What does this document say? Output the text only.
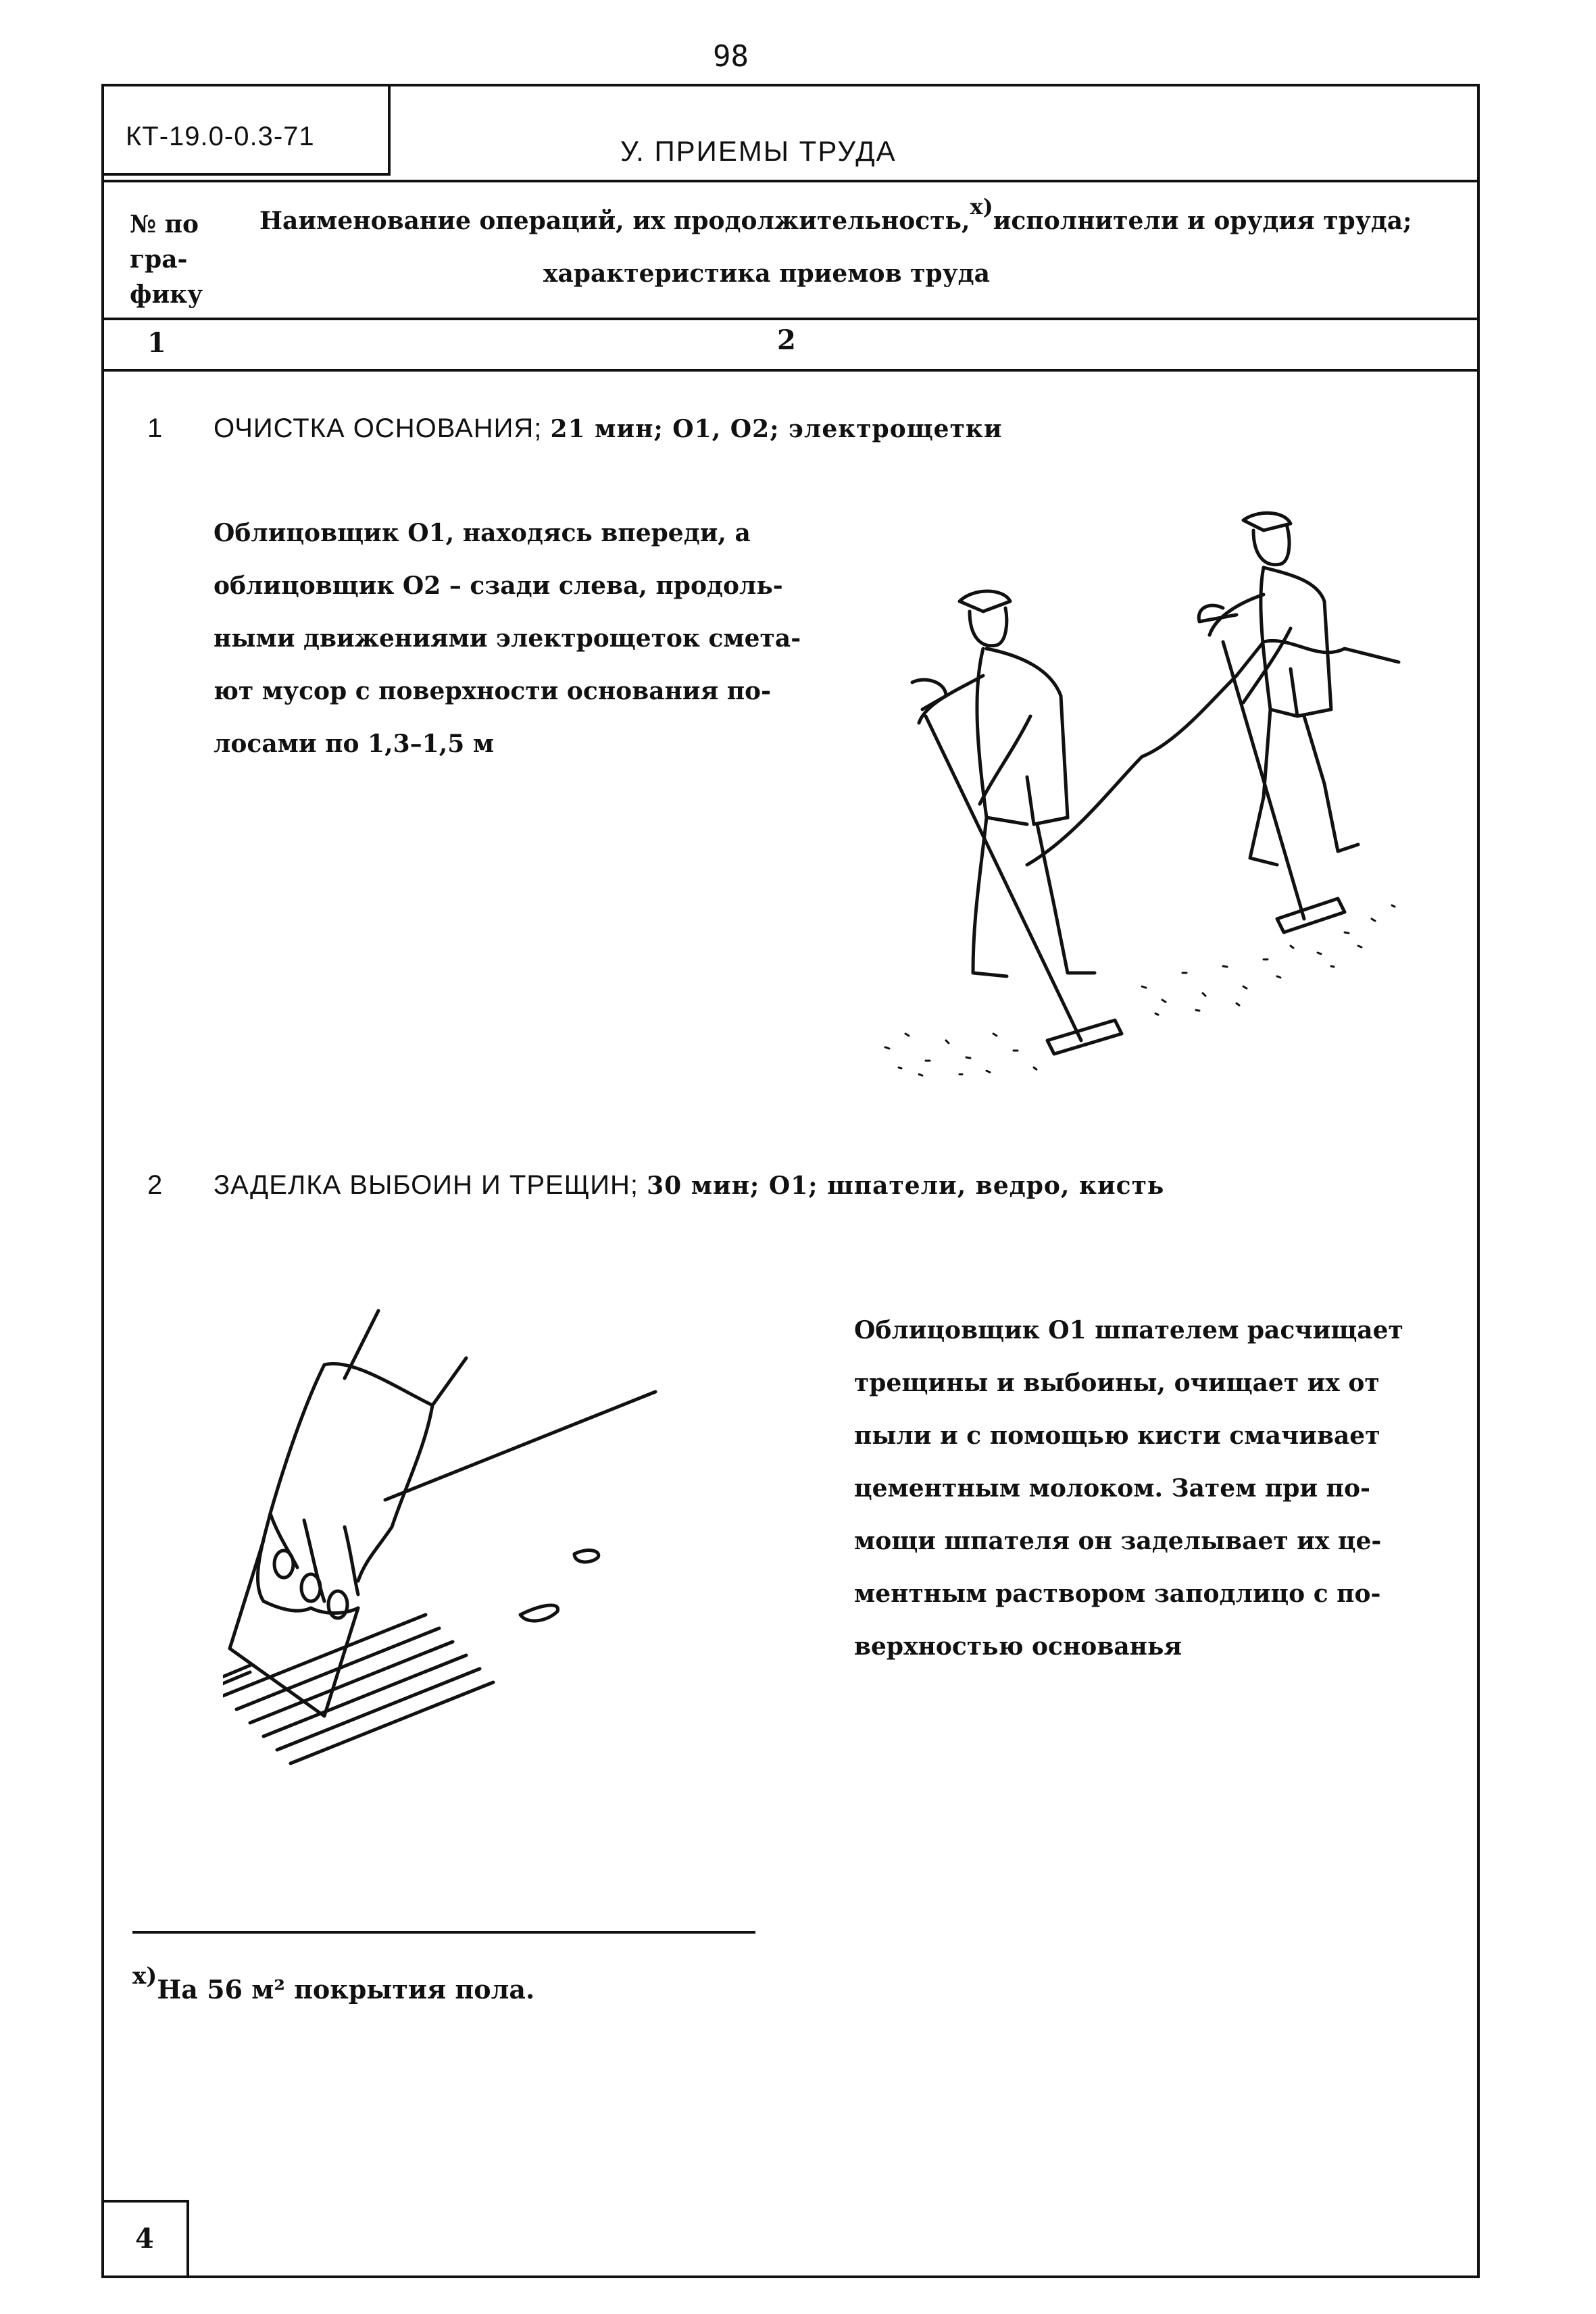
98
КТ-19.0-0.3-71	У. ПРИЕМЫ ТРУДА
№ по
гра-
фику
Наименование операций, их продолжительность,x)исполнители и орудия труда;
характеристика приемов труда
1	2
1 ОЧИСТКА ОСНОВАНИЯ; 21 мин; О1, О2; электрощетки
Облицовщик О1, находясь впереди, а
облицовщик О2 – сзади слева, продоль-
ными движениями электрощеток смета-
ют мусор с поверхности основания по-
лосами по 1,3–1,5 м
2 ЗАДЕЛКА ВЫБОИН И ТРЕЩИН; 30 мин; О1; шпатели, ведро, кисть
Облицовщик О1 шпателем расчищает
трещины и выбоины, очищает их от
пыли и с помощью кисти смачивает
цементным молоком. Затем при по-
мощи шпателя он заделывает их це-
ментным раствором заподлицо с по-
верхностью основанья
x)На 56 м² покрытия пола.
4
